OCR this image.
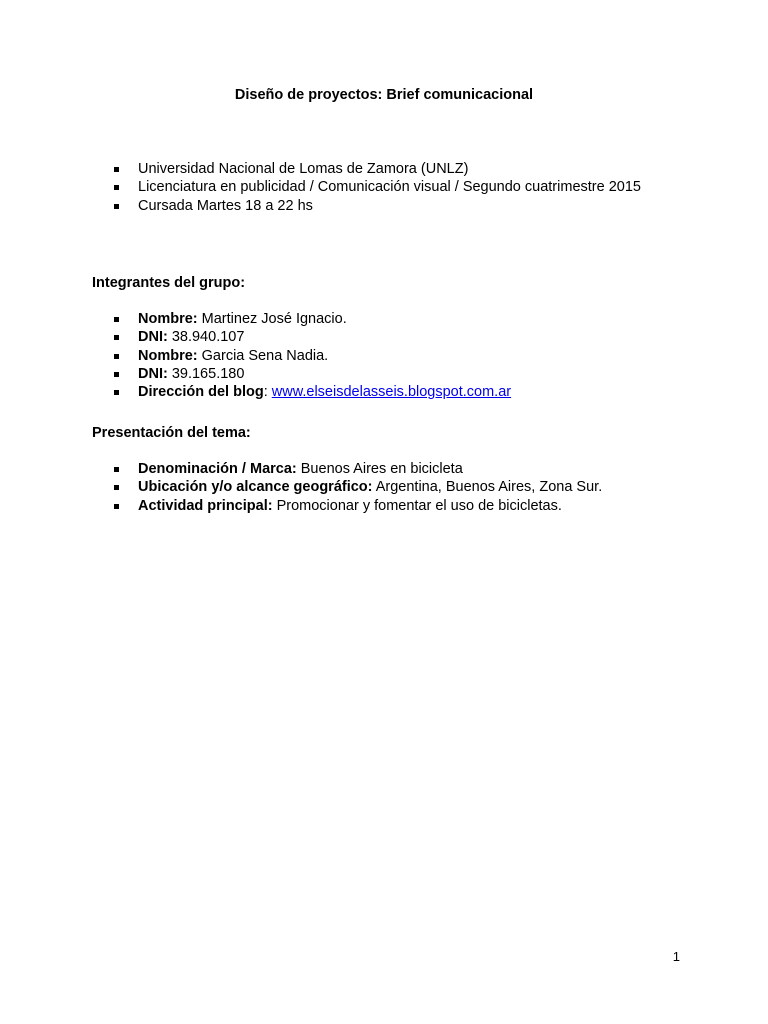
Diseño de proyectos: Brief comunicacional
Universidad Nacional de Lomas de Zamora (UNLZ)
Licenciatura en publicidad / Comunicación visual / Segundo cuatrimestre 2015
Cursada Martes 18 a 22 hs
Integrantes del grupo:
Nombre: Martinez José Ignacio.
DNI: 38.940.107
Nombre: Garcia Sena Nadia.
DNI: 39.165.180
Dirección del blog: www.elseisdelasseis.blogspot.com.ar
Presentación del tema:
Denominación / Marca: Buenos Aires en bicicleta
Ubicación y/o alcance geográfico: Argentina, Buenos Aires, Zona Sur.
Actividad principal: Promocionar y fomentar el uso de bicicletas.
1
